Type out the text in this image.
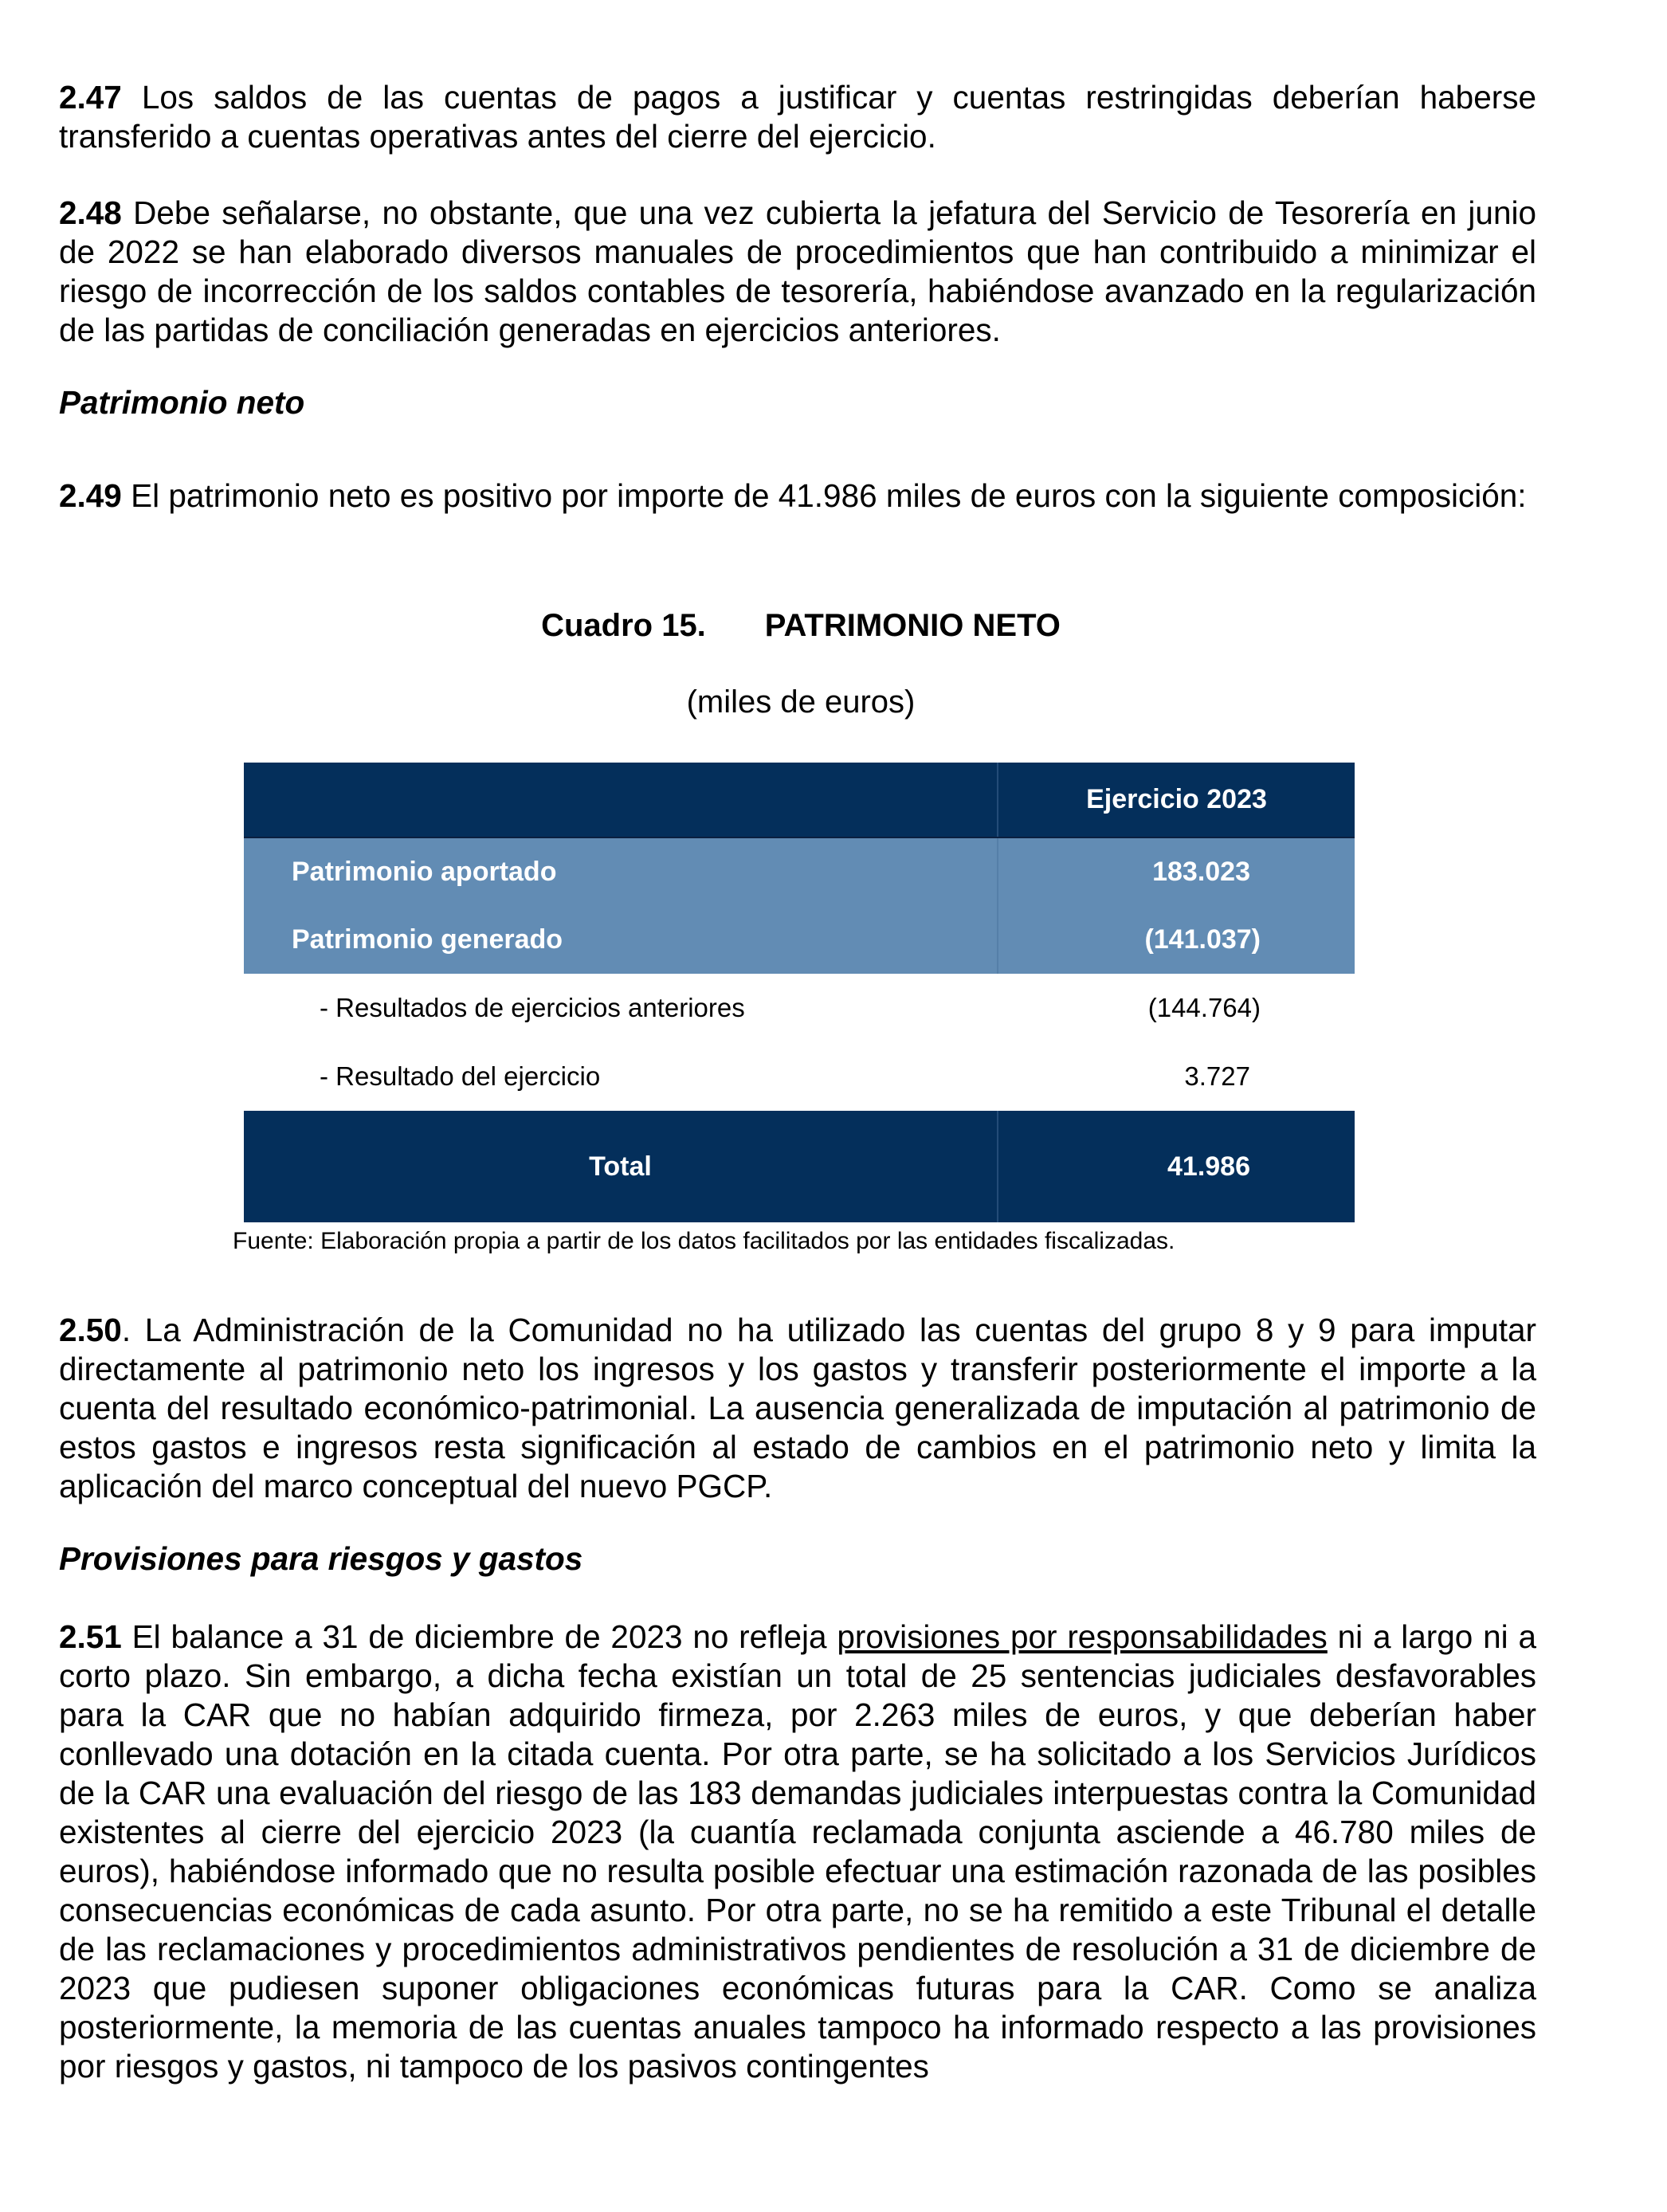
2.47 Los saldos de las cuentas de pagos a justificar y cuentas restringidas deberían haberse transferido a cuentas operativas antes del cierre del ejercicio.

2.48 Debe señalarse, no obstante, que una vez cubierta la jefatura del Servicio de Tesorería en junio de 2022 se han elaborado diversos manuales de procedimientos que han contribuido a minimizar el riesgo de incorrección de los saldos contables de tesorería, habiéndose avanzado en la regularización de las partidas de conciliación generadas en ejercicios anteriores.

Patrimonio neto

2.49 El patrimonio neto es positivo por importe de 41.986 miles de euros con la siguiente composición:

Cuadro 15. PATRIMONIO NETO
(miles de euros)
Ejercicio 2023
Patrimonio aportado	183.023
Patrimonio generado	(141.037)
- Resultados de ejercicios anteriores	(144.764)
- Resultado del ejercicio	3.727
Total	41.986
Fuente: Elaboración propia a partir de los datos facilitados por las entidades fiscalizadas.

2.50. La Administración de la Comunidad no ha utilizado las cuentas del grupo 8 y 9 para imputar directamente al patrimonio neto los ingresos y los gastos y transferir posteriormente el importe a la cuenta del resultado económico-patrimonial. La ausencia generalizada de imputación al patrimonio de estos gastos e ingresos resta significación al estado de cambios en el patrimonio neto y limita la aplicación del marco conceptual del nuevo PGCP.

Provisiones para riesgos y gastos

2.51 El balance a 31 de diciembre de 2023 no refleja provisiones por responsabilidades ni a largo ni a corto plazo. Sin embargo, a dicha fecha existían un total de 25 sentencias judiciales desfavorables para la CAR que no habían adquirido firmeza, por 2.263 miles de euros, y que deberían haber conllevado una dotación en la citada cuenta. Por otra parte, se ha solicitado a los Servicios Jurídicos de la CAR una evaluación del riesgo de las 183 demandas judiciales interpuestas contra la Comunidad existentes al cierre del ejercicio 2023 (la cuantía reclamada conjunta asciende a 46.780 miles de euros), habiéndose informado que no resulta posible efectuar una estimación razonada de las posibles consecuencias económicas de cada asunto. Por otra parte, no se ha remitido a este Tribunal el detalle de las reclamaciones y procedimientos administrativos pendientes de resolución a 31 de diciembre de 2023 que pudiesen suponer obligaciones económicas futuras para la CAR. Como se analiza posteriormente, la memoria de las cuentas anuales tampoco ha informado respecto a las provisiones por riesgos y gastos, ni tampoco de los pasivos contingentes
